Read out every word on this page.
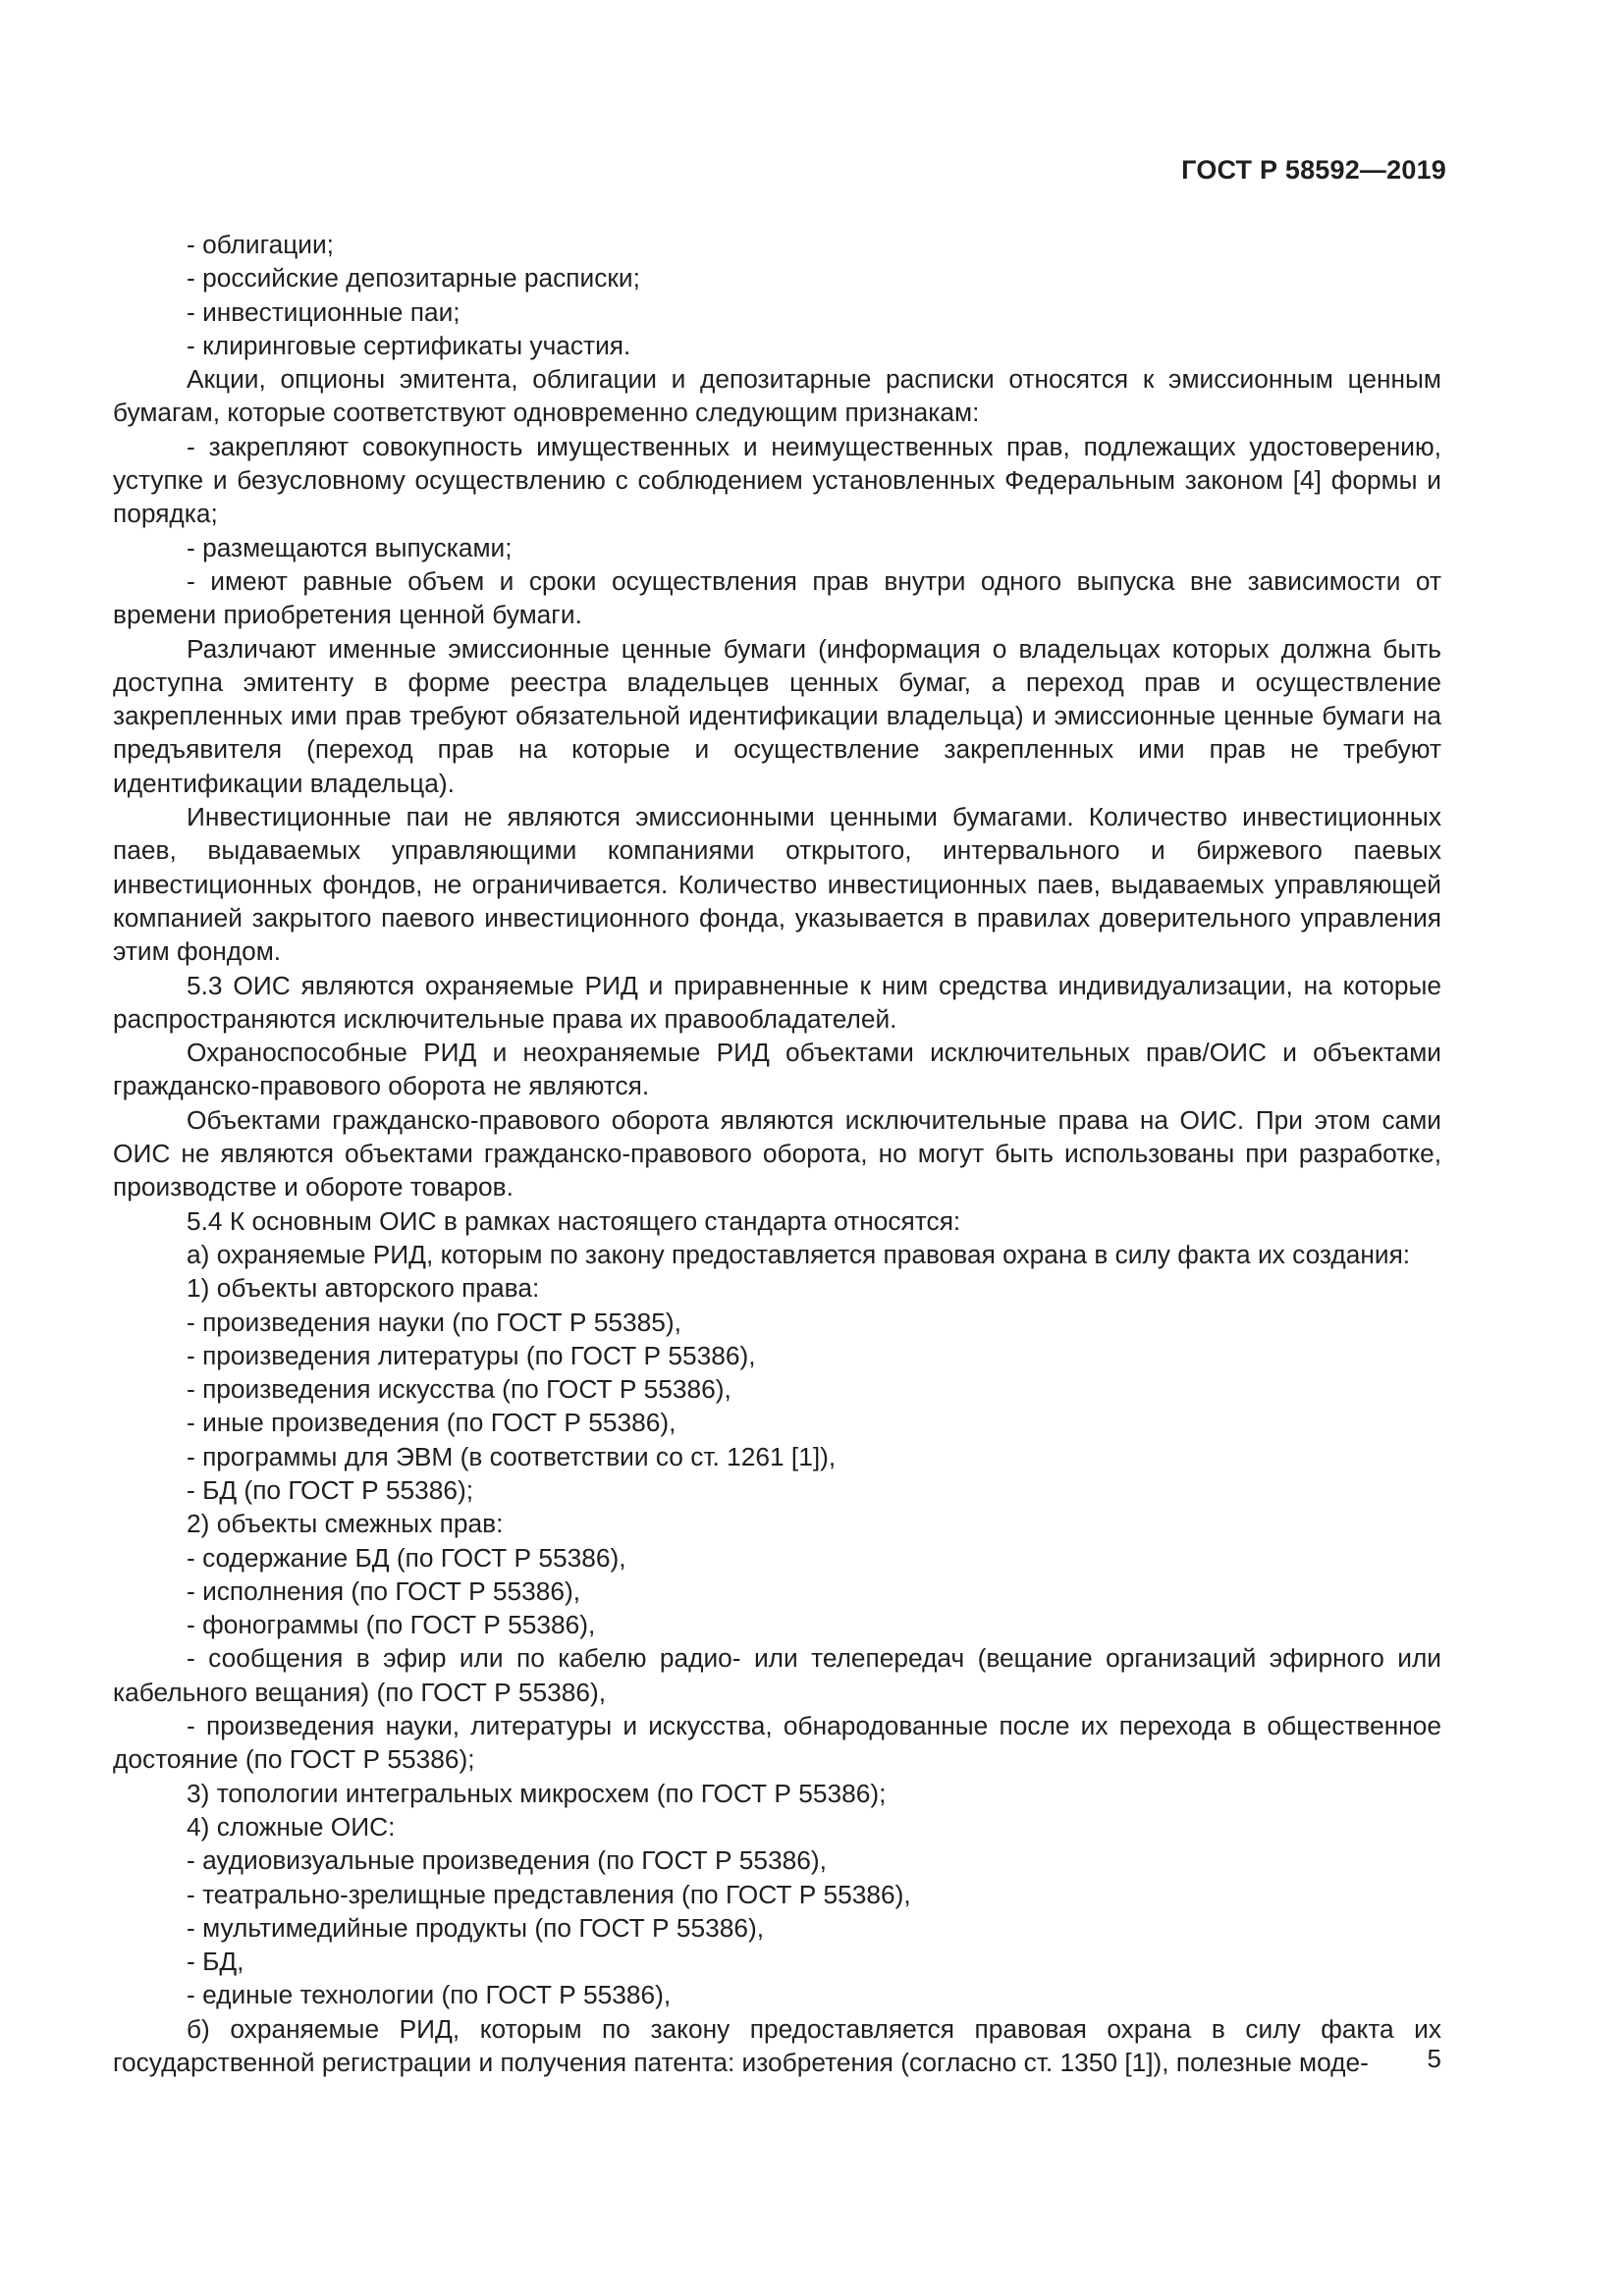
ГОСТ Р 58592—2019

- облигации;

- российские депозитарные расписки;

- инвестиционные паи;

- клиринговые сертификаты участия.

Акции, опционы эмитента, облигации и депозитарные расписки относятся к эмиссионным ценным бумагам, которые соответствуют одновременно следующим признакам:

- закрепляют совокупность имущественных и неимущественных прав, подлежащих удостоверению, уступке и безусловному осуществлению с соблюдением установленных Федеральным законом [4] формы и порядка;

- размещаются выпусками;

- имеют равные объем и сроки осуществления прав внутри одного выпуска вне зависимости от времени приобретения ценной бумаги.

Различают именные эмиссионные ценные бумаги (информация о владельцах которых должна быть доступна эмитенту в форме реестра владельцев ценных бумаг, а переход прав и осуществление закрепленных ими прав требуют обязательной идентификации владельца) и эмиссионные ценные бумаги на предъявителя (переход прав на которые и осуществление закрепленных ими прав не требуют идентификации владельца).

Инвестиционные паи не являются эмиссионными ценными бумагами. Количество инвестиционных паев, выдаваемых управляющими компаниями открытого, интервального и биржевого паевых инвестиционных фондов, не ограничивается. Количество инвестиционных паев, выдаваемых управляющей компанией закрытого паевого инвестиционного фонда, указывается в правилах доверительного управления этим фондом.

5.3 ОИС являются охраняемые РИД и приравненные к ним средства индивидуализации, на которые распространяются исключительные права их правообладателей.

Охраноспособные РИД и неохраняемые РИД объектами исключительных прав/ОИС и объектами гражданско-правового оборота не являются.

Объектами гражданско-правового оборота являются исключительные права на ОИС. При этом сами ОИС не являются объектами гражданско-правового оборота, но могут быть использованы при разработке, производстве и обороте товаров.

5.4 К основным ОИС в рамках настоящего стандарта относятся:

а) охраняемые РИД, которым по закону предоставляется правовая охрана в силу факта их создания:

1) объекты авторского права:

- произведения науки (по ГОСТ Р 55385),

- произведения литературы (по ГОСТ Р 55386),

- произведения искусства (по ГОСТ Р 55386),

- иные произведения (по ГОСТ Р 55386),

- программы для ЭВМ (в соответствии со ст. 1261 [1]),

- БД (по ГОСТ Р 55386);

2) объекты смежных прав:

- содержание БД (по ГОСТ Р 55386),

- исполнения (по ГОСТ Р 55386),

- фонограммы (по ГОСТ Р 55386),

- сообщения в эфир или по кабелю радио- или телепередач (вещание организаций эфирного или кабельного вещания) (по ГОСТ Р 55386),

- произведения науки, литературы и искусства, обнародованные после их перехода в общественное достояние (по ГОСТ Р 55386);

3) топологии интегральных микросхем (по ГОСТ Р 55386);

4) сложные ОИС:

- аудиовизуальные произведения (по ГОСТ Р 55386),

- театрально-зрелищные представления (по ГОСТ Р 55386),

- мультимедийные продукты (по ГОСТ Р 55386),

- БД,

- единые технологии (по ГОСТ Р 55386),

б) охраняемые РИД, которым по закону предоставляется правовая охрана в силу факта их государственной регистрации и получения патента: изобретения (согласно ст. 1350 [1]), полезные моде-	5
